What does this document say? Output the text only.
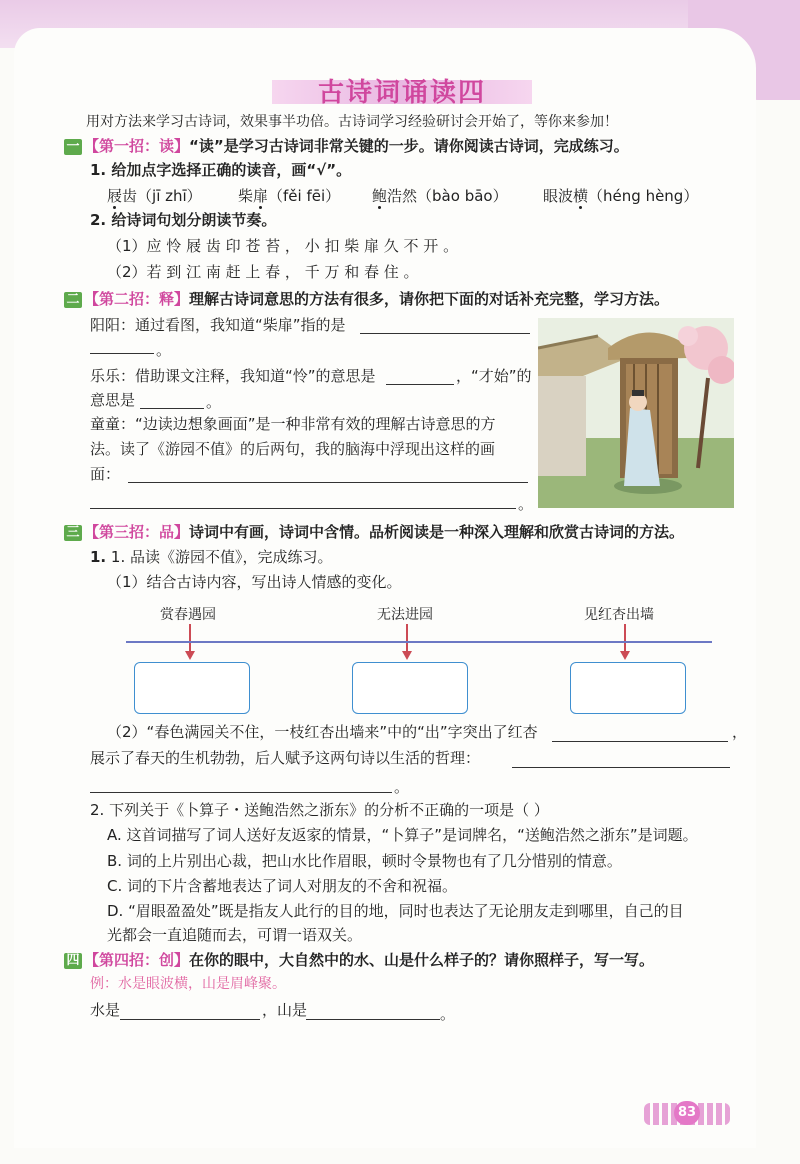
古诗词诵读四
用对方法来学习古诗词，效果事半功倍。古诗词学习经验研讨会开始了，等你来参加！
一 【第一招：读】“读”是学习古诗词非常关键的一步。请你阅读古诗词，完成练习。
1. 给加点字选择正确的读音，画“√”。
屐齿（jī zhī） 柴扉（fěi fēi） 鲍浩然（bào bāo） 眼波横（héng hèng）
2. 给诗词句划分朗读节奏。
（1）应 怜 屐 齿 印 苍 苔 ， 小 扣 柴 扉 久 不 开 。
（2）若 到 江 南 赶 上 春 ， 千 万 和 春 住 。
二 【第二招：释】理解古诗词意思的方法有很多，请你把下面的对话补充完整，学习方法。
阳阳：通过看图，我知道“柴扉”指的是
。
乐乐：借助课文注释，我知道“怜”的意思是	，“才始”的
意思是	。
童童：“边读边想象画面”是一种非常有效的理解古诗意思的方
法。读了《游园不值》的后两句，我的脑海中浮现出这样的画
面：
。
三 【第三招：品】诗词中有画，诗词中含情。品析阅读是一种深入理解和欣赏古诗词的方法。
1. 1. 品读《游园不值》，完成练习。
（1）结合古诗内容，写出诗人情感的变化。
赏春遇园	无法进园	见红杏出墙
（2）“春色满园关不住，一枝红杏出墙来”中的“出”字突出了红杏	，
展示了春天的生机勃勃，后人赋予这两句诗以生活的哲理：
。
2. 下列关于《卜算子・送鲍浩然之浙东》的分析不正确的一项是（ ）
A. 这首词描写了词人送好友返家的情景，“卜算子”是词牌名，“送鲍浩然之浙东”是词题。
B. 词的上片别出心裁，把山水比作眉眼，顿时令景物也有了几分惜别的情意。
C. 词的下片含蓄地表达了词人对朋友的不舍和祝福。
D. “眉眼盈盈处”既是指友人此行的目的地，同时也表达了无论朋友走到哪里，自己的目
光都会一直追随而去，可谓一语双关。
四 【第四招：创】在你的眼中，大自然中的水、山是什么样子的？请你照样子，写一写。
例：水是眼波横，山是眉峰聚。
水是	，山是	。
83
